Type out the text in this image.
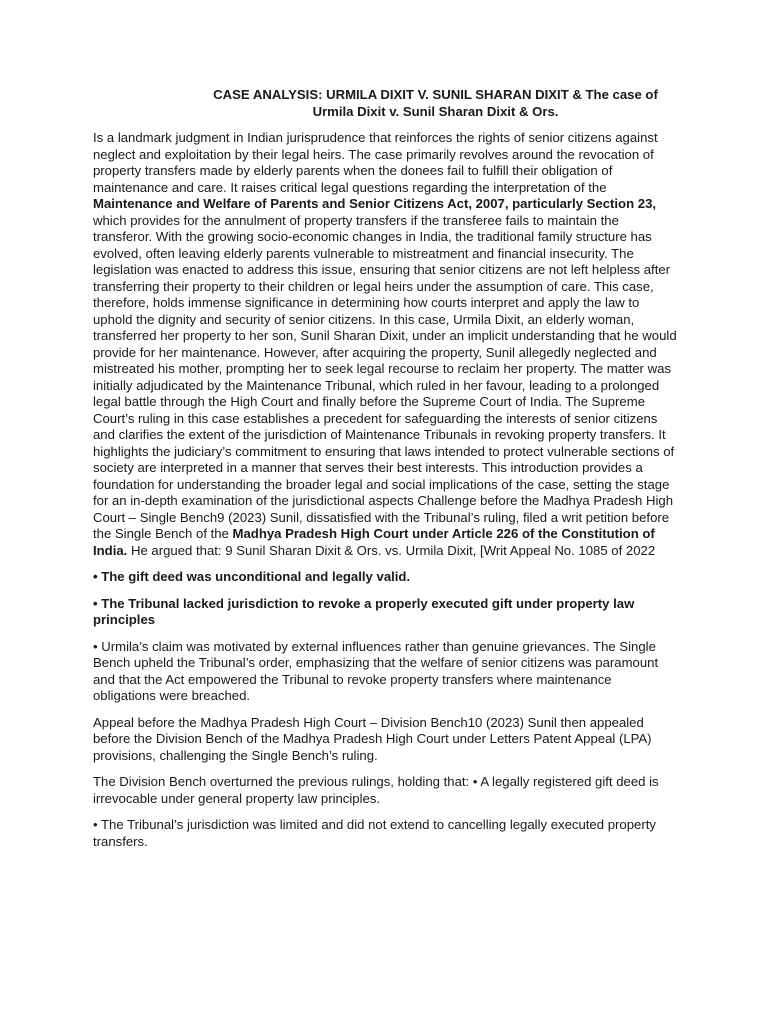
CASE ANALYSIS: URMILA DIXIT V. SUNIL SHARAN DIXIT & The case of
Urmila Dixit v. Sunil Sharan Dixit & Ors.

Is a landmark judgment in Indian jurisprudence that reinforces the rights of senior citizens against neglect and exploitation by their legal heirs. The case primarily revolves around the revocation of property transfers made by elderly parents when the donees fail to fulfill their obligation of maintenance and care. It raises critical legal questions regarding the interpretation of the Maintenance and Welfare of Parents and Senior Citizens Act, 2007, particularly Section 23, which provides for the annulment of property transfers if the transferee fails to maintain the transferor. With the growing socio-economic changes in India, the traditional family structure has evolved, often leaving elderly parents vulnerable to mistreatment and financial insecurity. The legislation was enacted to address this issue, ensuring that senior citizens are not left helpless after transferring their property to their children or legal heirs under the assumption of care. This case, therefore, holds immense significance in determining how courts interpret and apply the law to uphold the dignity and security of senior citizens. In this case, Urmila Dixit, an elderly woman, transferred her property to her son, Sunil Sharan Dixit, under an implicit understanding that he would provide for her maintenance. However, after acquiring the property, Sunil allegedly neglected and mistreated his mother, prompting her to seek legal recourse to reclaim her property. The matter was initially adjudicated by the Maintenance Tribunal, which ruled in her favour, leading to a prolonged legal battle through the High Court and finally before the Supreme Court of India. The Supreme Court’s ruling in this case establishes a precedent for safeguarding the interests of senior citizens and clarifies the extent of the jurisdiction of Maintenance Tribunals in revoking property transfers. It highlights the judiciary’s commitment to ensuring that laws intended to protect vulnerable sections of society are interpreted in a manner that serves their best interests. This introduction provides a foundation for understanding the broader legal and social implications of the case, setting the stage for an in-depth examination of the jurisdictional aspects Challenge before the Madhya Pradesh High Court – Single Bench9 (2023) Sunil, dissatisfied with the Tribunal’s ruling, filed a writ petition before the Single Bench of the Madhya Pradesh High Court under Article 226 of the Constitution of India. He argued that: 9 Sunil Sharan Dixit & Ors. vs. Urmila Dixit, [Writ Appeal No. 1085 of 2022

• The gift deed was unconditional and legally valid.

• The Tribunal lacked jurisdiction to revoke a properly executed gift under property law principles

• Urmila’s claim was motivated by external influences rather than genuine grievances. The Single Bench upheld the Tribunal’s order, emphasizing that the welfare of senior citizens was paramount and that the Act empowered the Tribunal to revoke property transfers where maintenance obligations were breached.

Appeal before the Madhya Pradesh High Court – Division Bench10 (2023) Sunil then appealed before the Division Bench of the Madhya Pradesh High Court under Letters Patent Appeal (LPA) provisions, challenging the Single Bench’s ruling.

The Division Bench overturned the previous rulings, holding that: • A legally registered gift deed is irrevocable under general property law principles.

• The Tribunal’s jurisdiction was limited and did not extend to cancelling legally executed property transfers.
